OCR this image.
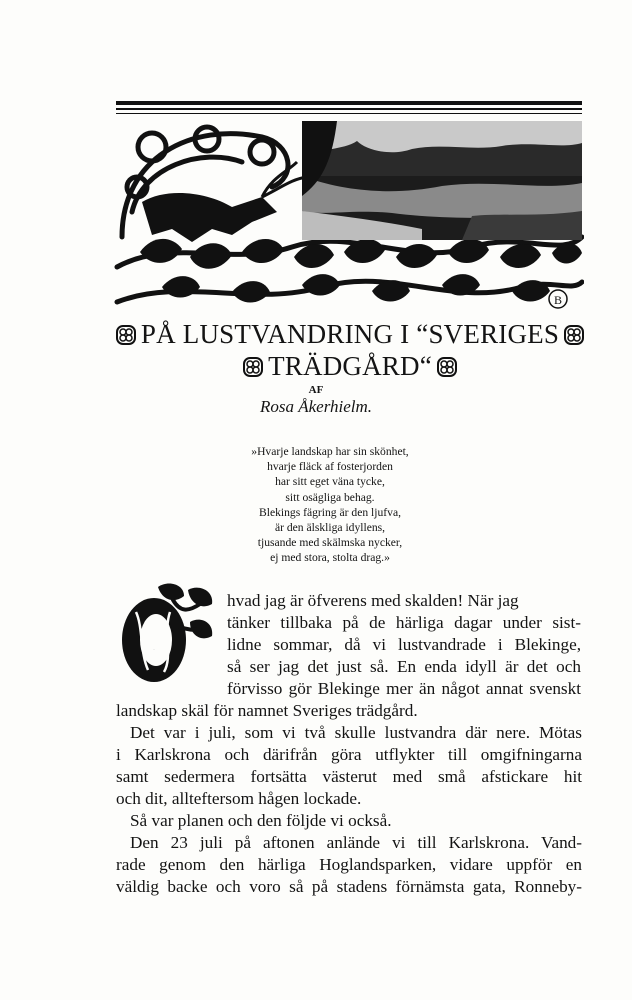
B
PÅ LUSTVANDRING I “SVERIGES
TRÄDGÅRD“
AF
Rosa Åkerhielm.
»Hvarje landskap har sin skönhet,
hvarje fläck af fosterjorden
har sitt eget väna tycke,
sitt osägliga behag.
Blekings fägring är den ljufva,
är den älskliga idyllens,
tjusande med skälmska nycker,
ej med stora, stolta drag.»
O
hvad jag är öfverens med skalden! När jag
tänker tillbaka på de härliga dagar under sist-
lidne sommar, då vi lustvandrade i Blekinge,
så ser jag det just så. En enda idyll är det och
förvisso gör Blekinge mer än något annat svenskt
landskap skäl för namnet Sveriges trädgård.
Det var i juli, som vi två skulle lustvandra där nere. Mötas
i Karlskrona och därifrån göra utflykter till omgifningarna
samt sedermera fortsätta västerut med små afstickare hit
och dit, allteftersom hågen lockade.
Så var planen och den följde vi också.
Den 23 juli på aftonen anlände vi till Karlskrona. Vand-
rade genom den härliga Hoglandsparken, vidare uppför en
väldig backe och voro så på stadens förnämsta gata, Ronneby-
